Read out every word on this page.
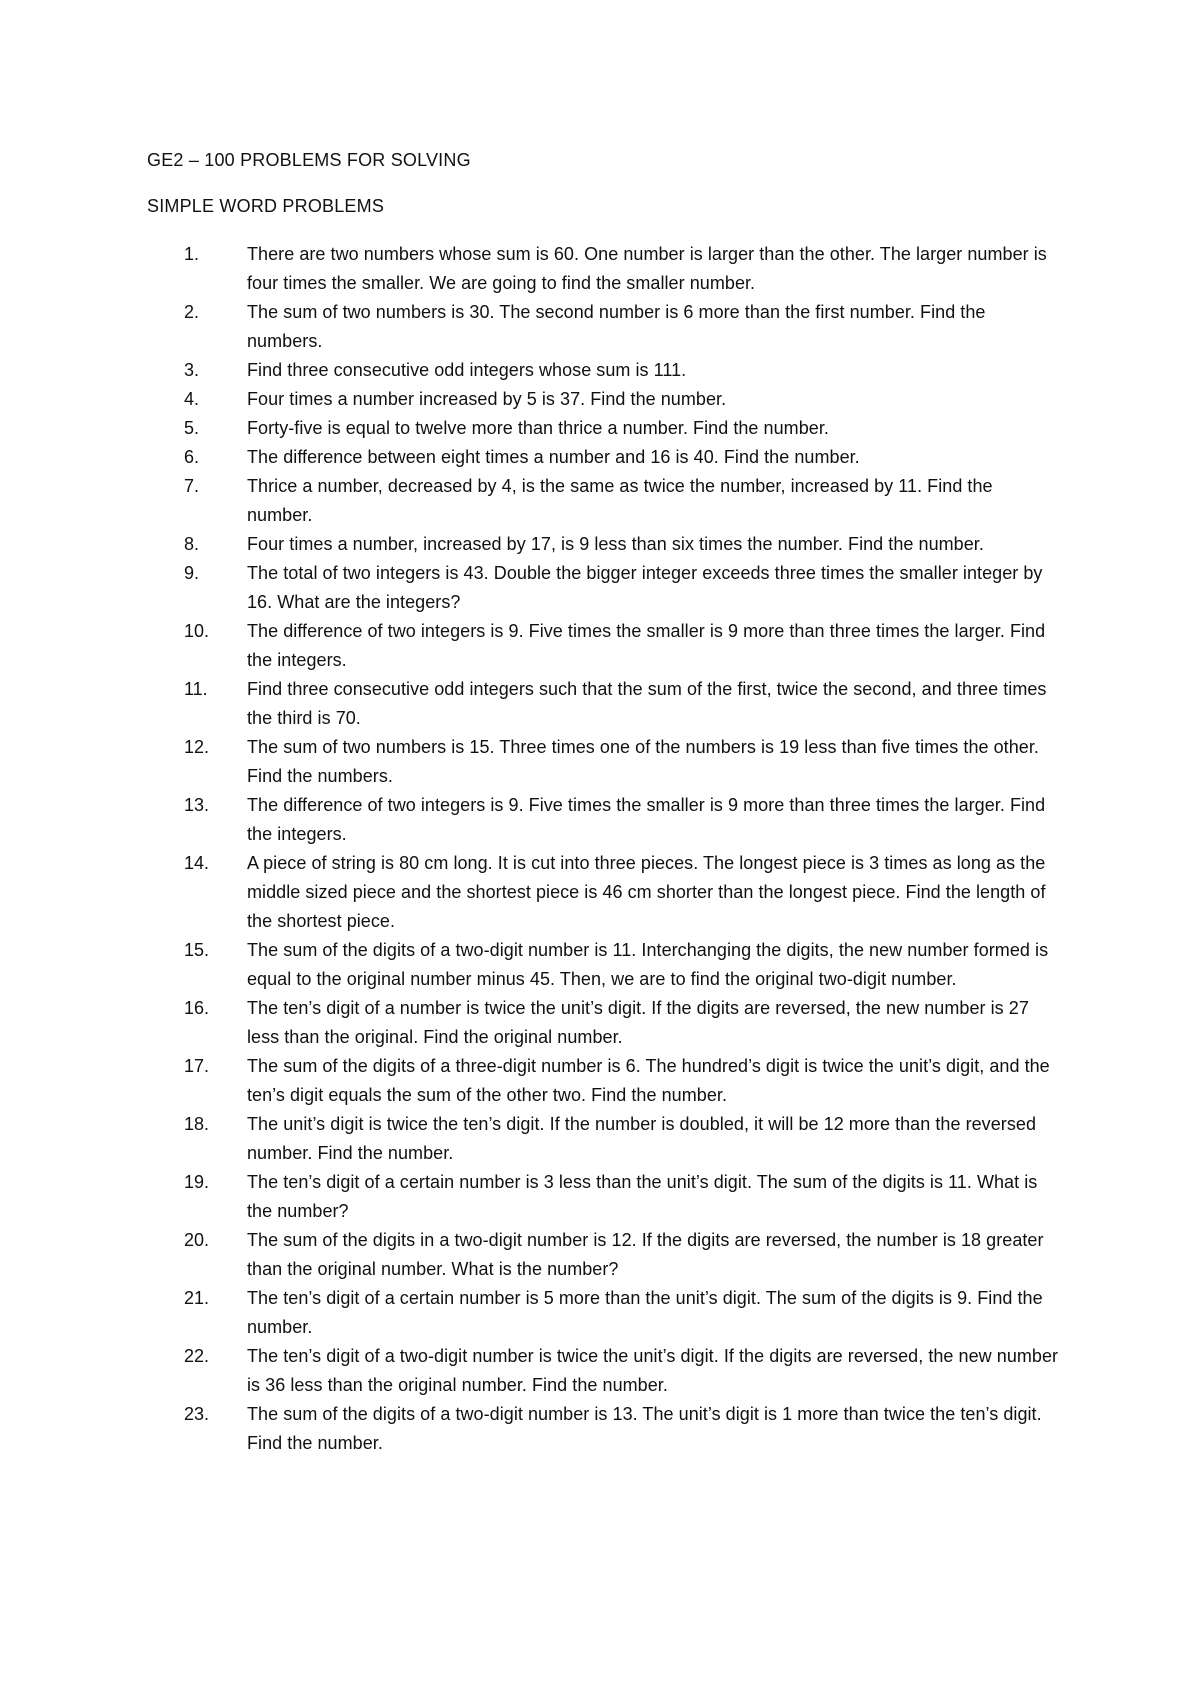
GE2 – 100 PROBLEMS FOR SOLVING
SIMPLE WORD PROBLEMS
1.	There are two numbers whose sum is 60. One number is larger than the other. The larger number is four times the smaller. We are going to find the smaller number.
2.	The sum of two numbers is 30. The second number is 6 more than the first number. Find the numbers.
3.	Find three consecutive odd integers whose sum is 111.
4.	Four times a number increased by 5 is 37. Find the number.
5.	Forty-five is equal to twelve more than thrice a number. Find the number.
6.	The difference between eight times a number and 16 is 40. Find the number.
7.	Thrice a number, decreased by 4, is the same as twice the number, increased by 11. Find the number.
8.	Four times a number, increased by 17, is 9 less than six times the number. Find the number.
9.	The total of two integers is 43. Double the bigger integer exceeds three times the smaller integer by 16. What are the integers?
10. The difference of two integers is 9. Five times the smaller is 9 more than three times the larger. Find the integers.
11. Find three consecutive odd integers such that the sum of the first, twice the second, and three times the third is 70.
12. The sum of two numbers is 15. Three times one of the numbers is 19 less than five times the other. Find the numbers.
13. The difference of two integers is 9. Five times the smaller is 9 more than three times the larger. Find the integers.
14. A piece of string is 80 cm long. It is cut into three pieces. The longest piece is 3 times as long as the middle sized piece and the shortest piece is 46 cm shorter than the longest piece. Find the length of the shortest piece.
15. The sum of the digits of a two-digit number is 11. Interchanging the digits, the new number formed is equal to the original number minus 45. Then, we are to find the original two-digit number.
16. The ten’s digit of a number is twice the unit’s digit. If the digits are reversed, the new number is 27 less than the original. Find the original number.
17. The sum of the digits of a three-digit number is 6. The hundred’s digit is twice the unit’s digit, and the ten’s digit equals the sum of the other two. Find the number.
18. The unit’s digit is twice the ten’s digit. If the number is doubled, it will be 12 more than the reversed number. Find the number.
19. The ten’s digit of a certain number is 3 less than the unit’s digit. The sum of the digits is 11. What is the number?
20. The sum of the digits in a two-digit number is 12. If the digits are reversed, the number is 18 greater than the original number. What is the number?
21. The ten’s digit of a certain number is 5 more than the unit’s digit. The sum of the digits is 9. Find the number.
22. The ten’s digit of a two-digit number is twice the unit’s digit. If the digits are reversed, the new number is 36 less than the original number. Find the number.
23. The sum of the digits of a two-digit number is 13. The unit’s digit is 1 more than twice the ten’s digit. Find the number.
